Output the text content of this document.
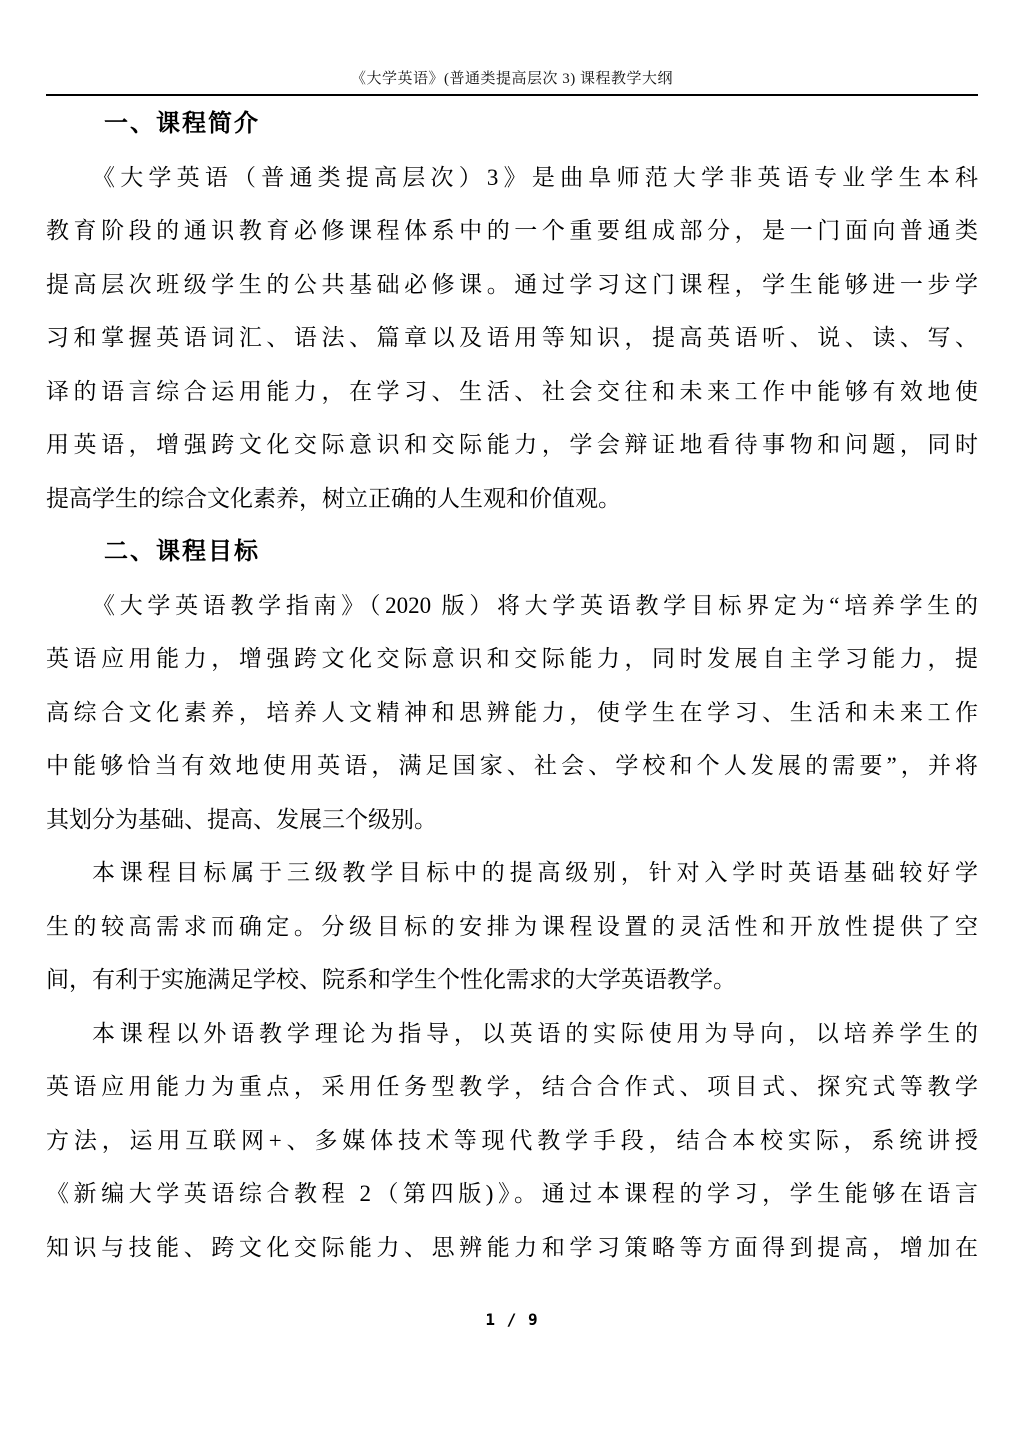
《大学英语》(普通类提高层次 3) 课程教学大纲
一、课程简介
《大学英语（普通类提高层次）3》是曲阜师范大学非英语专业学生本科
教育阶段的通识教育必修课程体系中的一个重要组成部分，是一门面向普通类
提高层次班级学生的公共基础必修课。通过学习这门课程，学生能够进一步学
习和掌握英语词汇、语法、篇章以及语用等知识，提高英语听、说、读、写、
译的语言综合运用能力，在学习、生活、社会交往和未来工作中能够有效地使
用英语，增强跨文化交际意识和交际能力，学会辩证地看待事物和问题，同时
提高学生的综合文化素养，树立正确的人生观和价值观。
二、课程目标
《大学英语教学指南》（2020 版）将大学英语教学目标界定为“培养学生的
英语应用能力，增强跨文化交际意识和交际能力，同时发展自主学习能力，提
高综合文化素养，培养人文精神和思辨能力，使学生在学习、生活和未来工作
中能够恰当有效地使用英语，满足国家、社会、学校和个人发展的需要”，并将
其划分为基础、提高、发展三个级别。
本课程目标属于三级教学目标中的提高级别，针对入学时英语基础较好学
生的较高需求而确定。分级目标的安排为课程设置的灵活性和开放性提供了空
间，有利于实施满足学校、院系和学生个性化需求的大学英语教学。
本课程以外语教学理论为指导，以英语的实际使用为导向，以培养学生的
英语应用能力为重点，采用任务型教学，结合合作式、项目式、探究式等教学
方法，运用互联网+、多媒体技术等现代教学手段，结合本校实际，系统讲授
《新编大学英语综合教程 2（第四版)》。通过本课程的学习，学生能够在语言
知识与技能、跨文化交际能力、思辨能力和学习策略等方面得到提高，增加在
1 / 9
